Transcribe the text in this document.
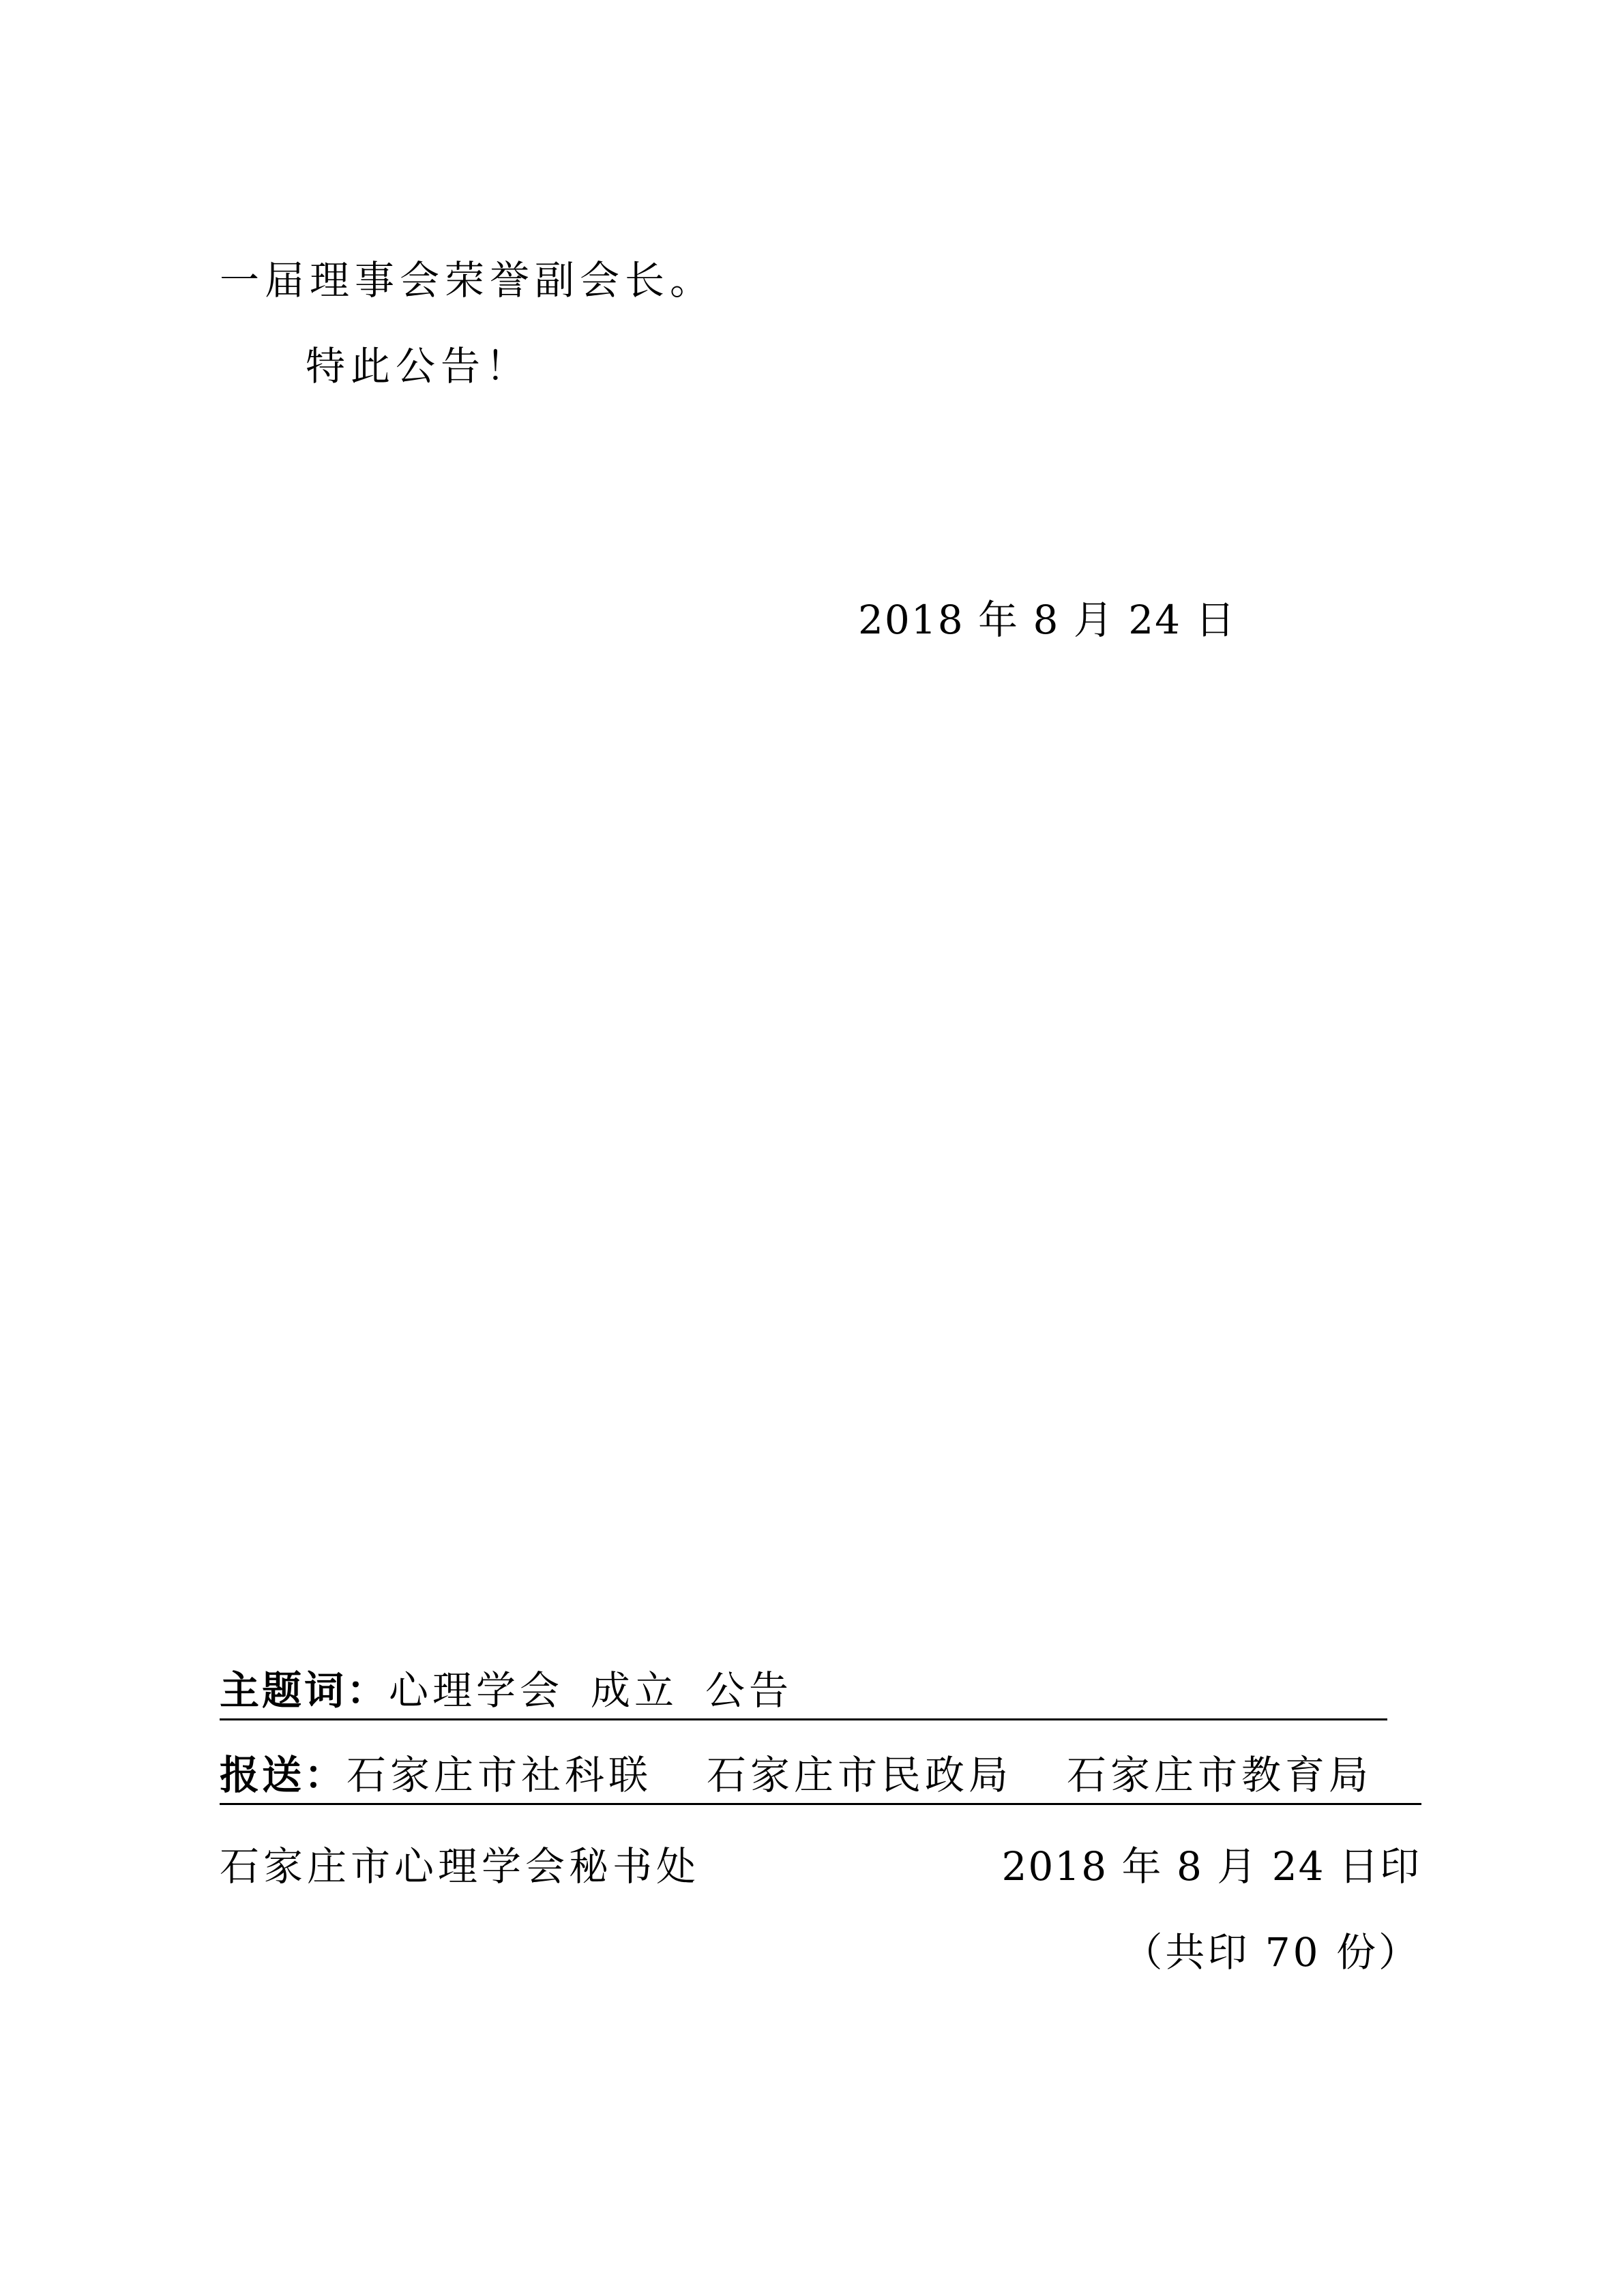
一届理事会荣誉副会长。
特此公告！
2018 年 8 月 24 日
主题词：心理学会 成立 公告
报送：石家庄市社科联 石家庄市民政局 石家庄市教育局
石家庄市心理学会秘书处	2018 年 8 月 24 日印
（共印 70 份）
